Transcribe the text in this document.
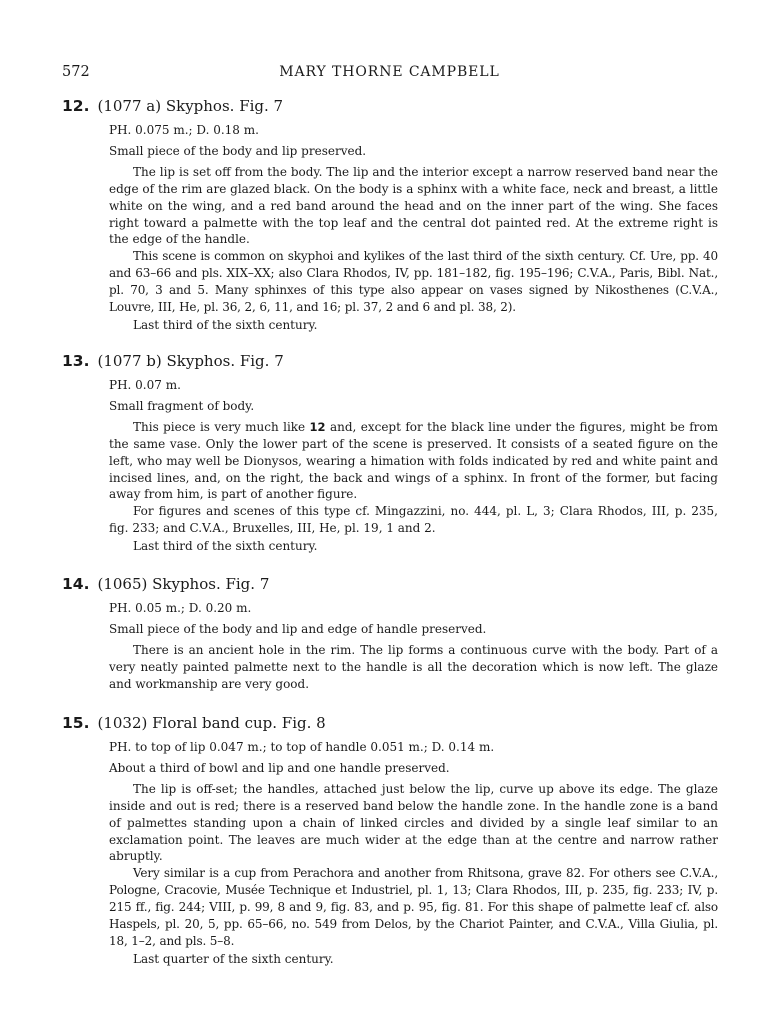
572	MARY THORNE CAMPBELL
12. (1077 a) Skyphos. Fig. 7

PH. 0.075 m.; D. 0.18 m.

Small piece of the body and lip preserved.

The lip is set off from the body. The lip and the interior except a narrow reserved band near the edge of the rim are glazed black. On the body is a sphinx with a white face, neck and breast, a little white on the wing, and a red band around the head and on the inner part of the wing. She faces right toward a palmette with the top leaf and the central dot painted red. At the extreme right is the edge of the handle.

This scene is common on skyphoi and kylikes of the last third of the sixth century. Cf. Ure, pp. 40 and 63–66 and pls. XIX–XX; also Clara Rhodos, IV, pp. 181–182, fig. 195–196; C.V.A., Paris, Bibl. Nat., pl. 70, 3 and 5. Many sphinxes of this type also appear on vases signed by Nikosthenes (C.V.A., Louvre, III, He, pl. 36, 2, 6, 11, and 16; pl. 37, 2 and 6 and pl. 38, 2).

Last third of the sixth century.

13. (1077 b) Skyphos. Fig. 7

PH. 0.07 m.

Small fragment of body.

This piece is very much like 12 and, except for the black line under the figures, might be from the same vase. Only the lower part of the scene is preserved. It consists of a seated figure on the left, who may well be Dionysos, wearing a himation with folds indicated by red and white paint and incised lines, and, on the right, the back and wings of a sphinx. In front of the former, but facing away from him, is part of another figure.

For figures and scenes of this type cf. Mingazzini, no. 444, pl. L, 3; Clara Rhodos, III, p. 235, fig. 233; and C.V.A., Bruxelles, III, He, pl. 19, 1 and 2.

Last third of the sixth century.

14. (1065) Skyphos. Fig. 7

PH. 0.05 m.; D. 0.20 m.

Small piece of the body and lip and edge of handle preserved.

There is an ancient hole in the rim. The lip forms a continuous curve with the body. Part of a very neatly painted palmette next to the handle is all the decoration which is now left. The glaze and workmanship are very good.

15. (1032) Floral band cup. Fig. 8

PH. to top of lip 0.047 m.; to top of handle 0.051 m.; D. 0.14 m.

About a third of bowl and lip and one handle preserved.

The lip is off-set; the handles, attached just below the lip, curve up above its edge. The glaze inside and out is red; there is a reserved band below the handle zone. In the handle zone is a band of palmettes standing upon a chain of linked circles and divided by a single leaf similar to an exclamation point. The leaves are much wider at the edge than at the centre and narrow rather abruptly.

Very similar is a cup from Perachora and another from Rhitsona, grave 82. For others see C.V.A., Pologne, Cracovie, Musée Technique et Industriel, pl. 1, 13; Clara Rhodos, III, p. 235, fig. 233; IV, p. 215 ff., fig. 244; VIII, p. 99, 8 and 9, fig. 83, and p. 95, fig. 81. For this shape of palmette leaf cf. also Haspels, pl. 20, 5, pp. 65–66, no. 549 from Delos, by the Chariot Painter, and C.V.A., Villa Giulia, pl. 18, 1–2, and pls. 5–8.

Last quarter of the sixth century.
